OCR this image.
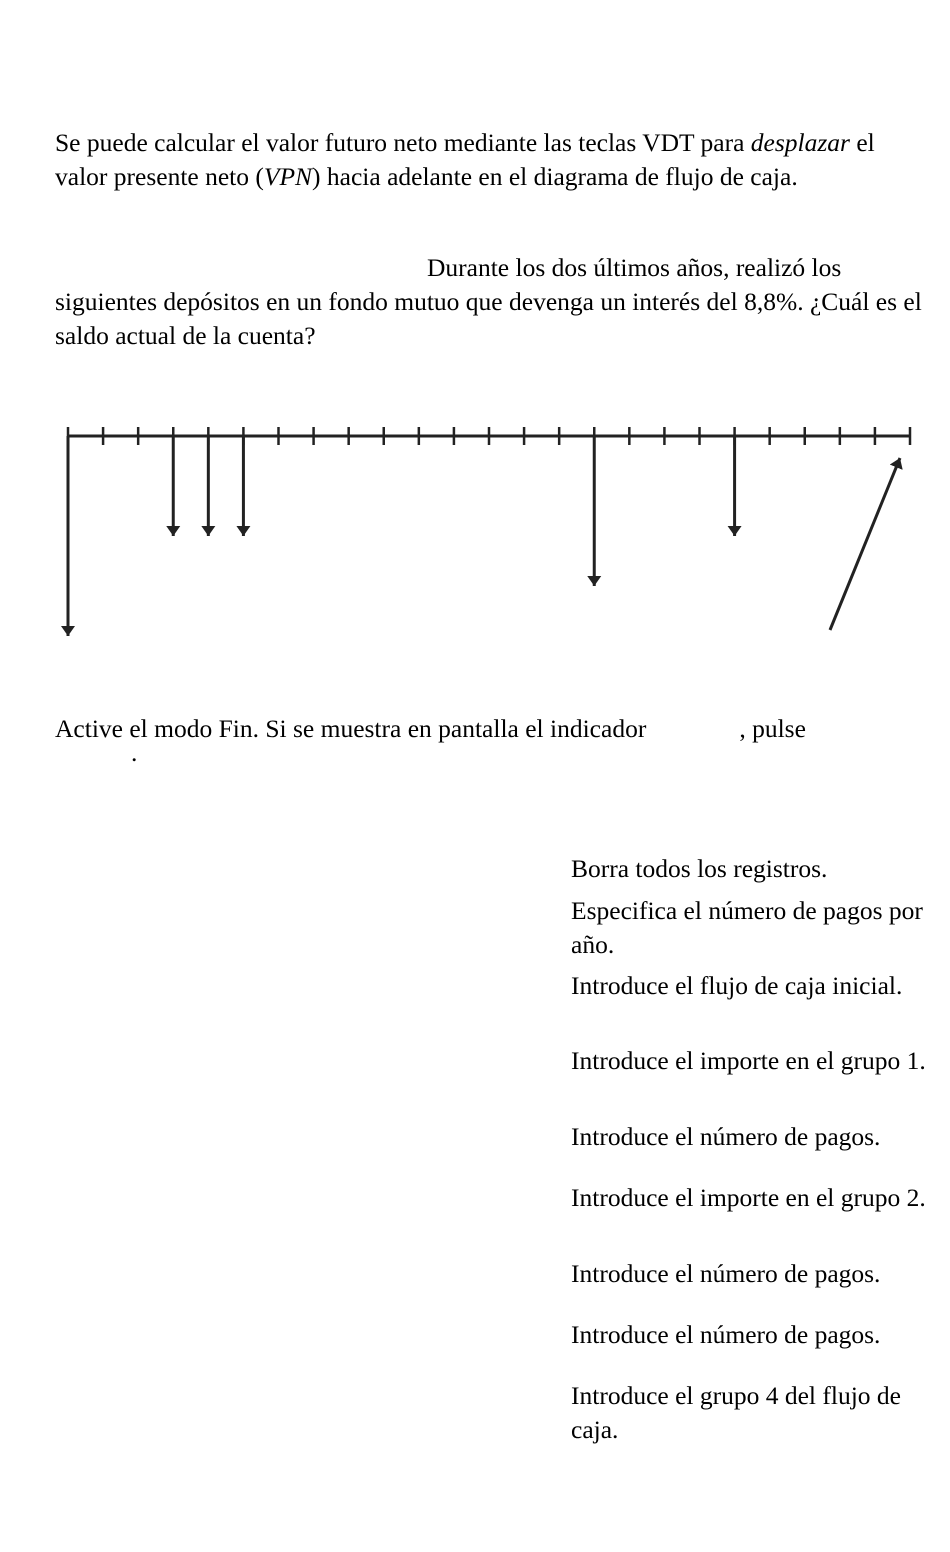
Se puede calcular el valor futuro neto mediante las teclas VDT para desplazar el valor presente neto (VPN) hacia adelante en el diagrama de flujo de caja.

Durante los dos últimos años, realizó los siguientes depósitos en un fondo mutuo que devenga un interés del 8,8%. ¿Cuál es el saldo actual de la cuenta?

Active el modo Fin. Si se muestra en pantalla el indicador	, pulse

.

Borra todos los registros.

Especifica el número de pagos por año.

Introduce el flujo de caja inicial.

Introduce el importe en el grupo 1.

Introduce el número de pagos.

Introduce el importe en el grupo 2.

Introduce el número de pagos.

Introduce el número de pagos.

Introduce el grupo 4 del flujo de caja.
